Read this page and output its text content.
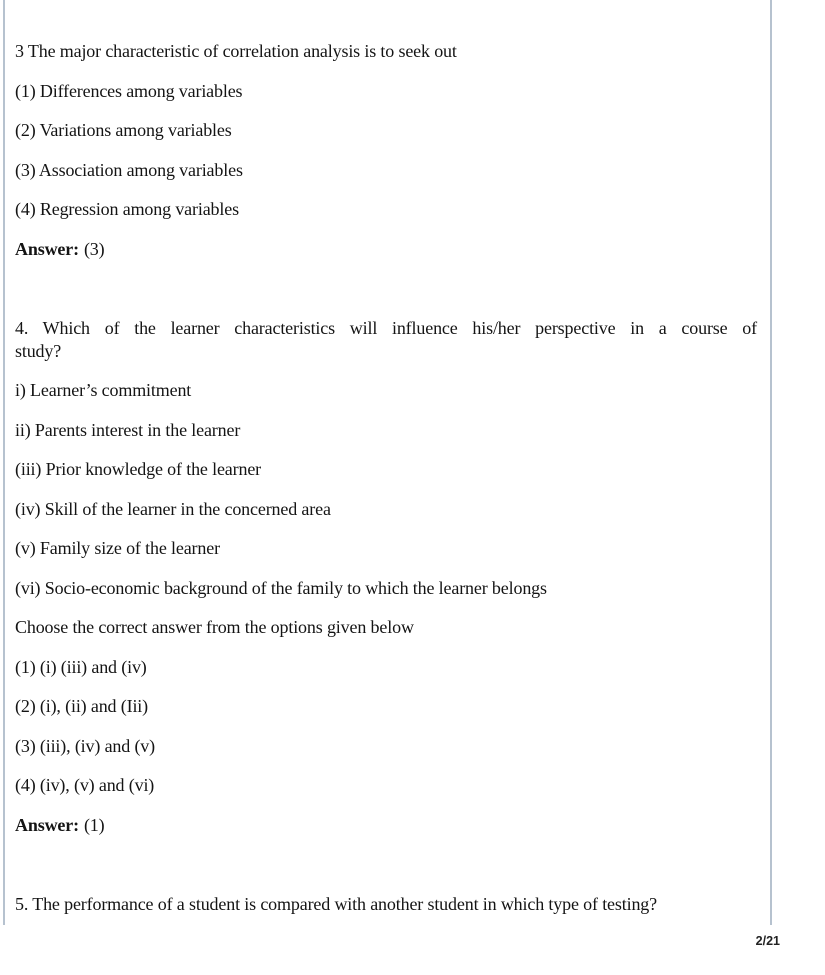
3 The major characteristic of correlation analysis is to seek out

(1) Differences among variables

(2) Variations among variables

(3) Association among variables

(4) Regression among variables

Answer: (3)

4. Which of the learner characteristics will influence his/her perspective in a course of

study?

i) Learner’s commitment

ii) Parents interest in the learner

(iii) Prior knowledge of the learner

(iv) Skill of the learner in the concerned area

(v) Family size of the learner

(vi) Socio-economic background of the family to which the learner belongs

Choose the correct answer from the options given below

(1) (i) (iii) and (iv)

(2) (i), (ii) and (Iii)

(3) (iii), (iv) and (v)

(4) (iv), (v) and (vi)

Answer: (1)

5. The performance of a student is compared with another student in which type of testing?

2/21
